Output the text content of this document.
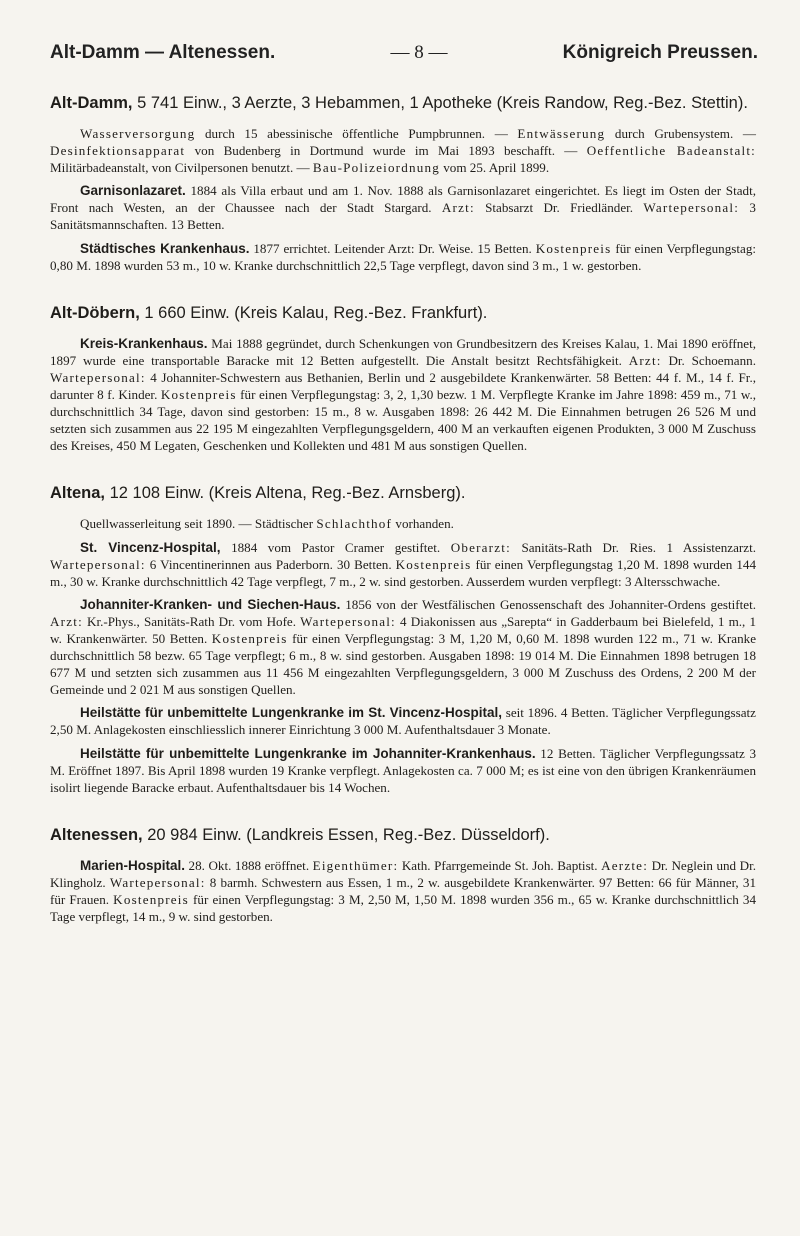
Alt-Damm — Altenessen.	— 8 —	Königreich Preussen.
Alt-Damm, 5 741 Einw., 3 Aerzte, 3 Hebammen, 1 Apotheke (Kreis Randow, Reg.-Bez. Stettin).

Wasserversorgung durch 15 abessinische öffentliche Pumpbrunnen. — Entwässerung durch Grubensystem. — Desinfektionsapparat von Budenberg in Dortmund wurde im Mai 1893 beschafft. — Oeffentliche Badeanstalt: Militärbadeanstalt, von Civilpersonen benutzt. — Bau-Polizeiordnung vom 25. April 1899.

Garnisonlazaret. 1884 als Villa erbaut und am 1. Nov. 1888 als Garnisonlazaret eingerichtet. Es liegt im Osten der Stadt, Front nach Westen, an der Chaussee nach der Stadt Stargard. Arzt: Stabsarzt Dr. Friedländer. Wartepersonal: 3 Sanitätsmannschaften. 13 Betten.

Städtisches Krankenhaus. 1877 errichtet. Leitender Arzt: Dr. Weise. 15 Betten. Kostenpreis für einen Verpflegungstag: 0,80 M. 1898 wurden 53 m., 10 w. Kranke durchschnittlich 22,5 Tage verpflegt, davon sind 3 m., 1 w. gestorben.

Alt-Döbern, 1 660 Einw. (Kreis Kalau, Reg.-Bez. Frankfurt).

Kreis-Krankenhaus. Mai 1888 gegründet, durch Schenkungen von Grundbesitzern des Kreises Kalau, 1. Mai 1890 eröffnet, 1897 wurde eine transportable Baracke mit 12 Betten aufgestellt. Die Anstalt besitzt Rechtsfähigkeit. Arzt: Dr. Schoemann. Wartepersonal: 4 Johanniter-Schwestern aus Bethanien, Berlin und 2 ausgebildete Krankenwärter. 58 Betten: 44 f. M., 14 f. Fr., darunter 8 f. Kinder. Kostenpreis für einen Verpflegungstag: 3, 2, 1,30 bezw. 1 M. Verpflegte Kranke im Jahre 1898: 459 m., 71 w., durchschnittlich 34 Tage, davon sind gestorben: 15 m., 8 w. Ausgaben 1898: 26 442 M. Die Einnahmen betrugen 26 526 M und setzten sich zusammen aus 22 195 M eingezahlten Verpflegungsgeldern, 400 M an verkauften eigenen Produkten, 3 000 M Zuschuss des Kreises, 450 M Legaten, Geschenken und Kollekten und 481 M aus sonstigen Quellen.

Altena, 12 108 Einw. (Kreis Altena, Reg.-Bez. Arnsberg).

Quellwasserleitung seit 1890. — Städtischer Schlachthof vorhanden.

St. Vincenz-Hospital, 1884 vom Pastor Cramer gestiftet. Oberarzt: Sanitäts-Rath Dr. Ries. 1 Assistenzarzt. Wartepersonal: 6 Vincentinerinnen aus Paderborn. 30 Betten. Kostenpreis für einen Verpflegungstag 1,20 M. 1898 wurden 144 m., 30 w. Kranke durchschnittlich 42 Tage verpflegt, 7 m., 2 w. sind gestorben. Ausserdem wurden verpflegt: 3 Altersschwache.

Johanniter-Kranken- und Siechen-Haus. 1856 von der Westfälischen Genossenschaft des Johanniter-Ordens gestiftet. Arzt: Kr.-Phys., Sanitäts-Rath Dr. vom Hofe. Wartepersonal: 4 Diakonissen aus „Sarepta“ in Gadderbaum bei Bielefeld, 1 m., 1 w. Krankenwärter. 50 Betten. Kostenpreis für einen Verpflegungstag: 3 M, 1,20 M, 0,60 M. 1898 wurden 122 m., 71 w. Kranke durchschnittlich 58 bezw. 65 Tage verpflegt; 6 m., 8 w. sind gestorben. Ausgaben 1898: 19 014 M. Die Einnahmen 1898 betrugen 18 677 M und setzten sich zusammen aus 11 456 M eingezahlten Verpflegungsgeldern, 3 000 M Zuschuss des Ordens, 2 200 M der Gemeinde und 2 021 M aus sonstigen Quellen.

Heilstätte für unbemittelte Lungenkranke im St. Vincenz-Hospital, seit 1896. 4 Betten. Täglicher Verpflegungssatz 2,50 M. Anlagekosten einschliesslich innerer Einrichtung 3 000 M. Aufenthaltsdauer 3 Monate.

Heilstätte für unbemittelte Lungenkranke im Johanniter-Krankenhaus. 12 Betten. Täglicher Verpflegungssatz 3 M. Eröffnet 1897. Bis April 1898 wurden 19 Kranke verpflegt. Anlagekosten ca. 7 000 M; es ist eine von den übrigen Krankenräumen isolirt liegende Baracke erbaut. Aufenthaltsdauer bis 14 Wochen.

Altenessen, 20 984 Einw. (Landkreis Essen, Reg.-Bez. Düsseldorf).

Marien-Hospital. 28. Okt. 1888 eröffnet. Eigenthümer: Kath. Pfarrgemeinde St. Joh. Baptist. Aerzte: Dr. Neglein und Dr. Klingholz. Wartepersonal: 8 barmh. Schwestern aus Essen, 1 m., 2 w. ausgebildete Krankenwärter. 97 Betten: 66 für Männer, 31 für Frauen. Kostenpreis für einen Verpflegungstag: 3 M, 2,50 M, 1,50 M. 1898 wurden 356 m., 65 w. Kranke durchschnittlich 34 Tage verpflegt, 14 m., 9 w. sind gestorben.
